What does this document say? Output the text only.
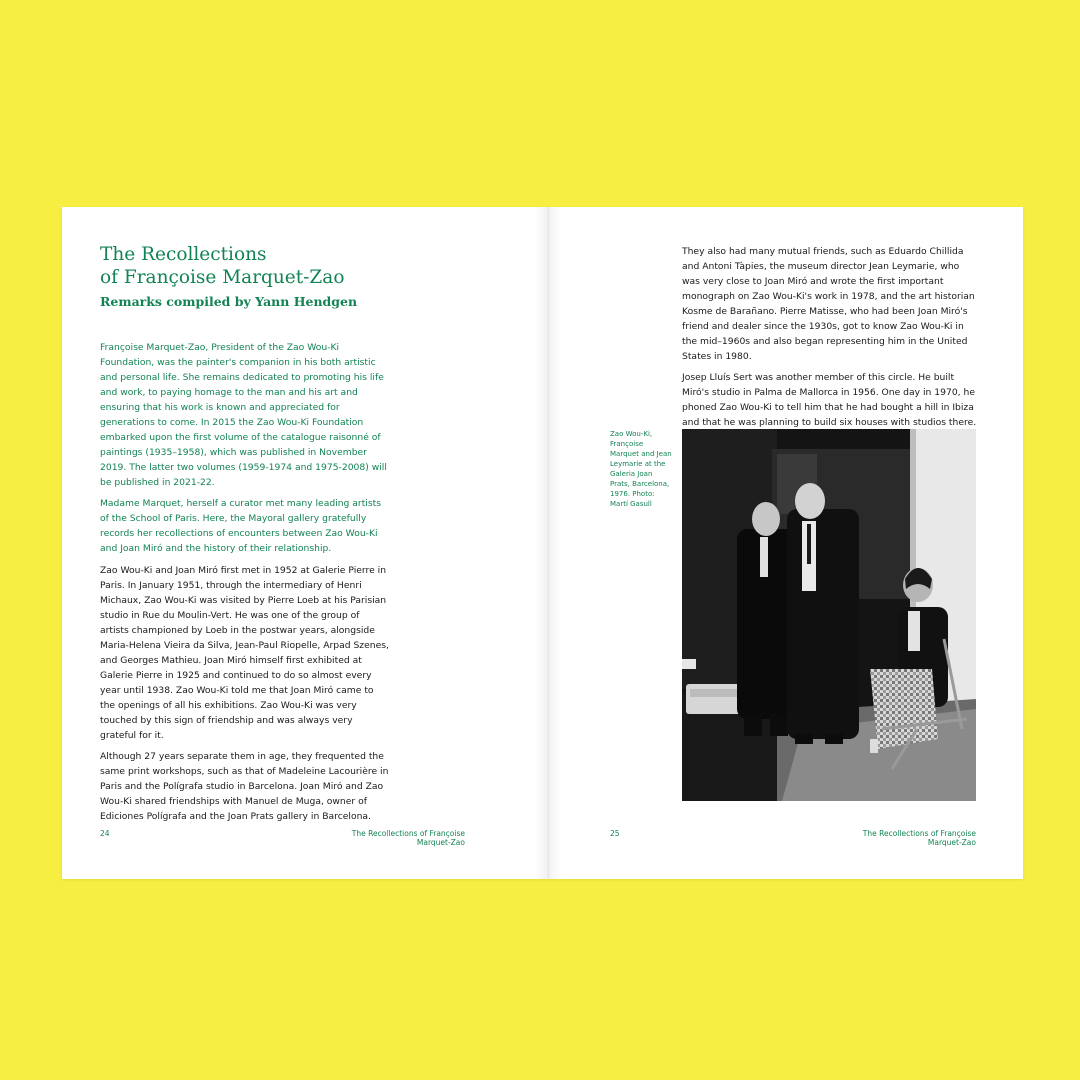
The Recollections
of Françoise Marquet-Zao
Remarks compiled by Yann Hendgen

Françoise Marquet-Zao, President of the Zao Wou-Ki Foundation, was the painter's companion in his both artistic and personal life. She remains dedicated to promoting his life and work, to paying homage to the man and his art and ensuring that his work is known and appreciated for generations to come. In 2015 the Zao Wou-Ki Foundation embarked upon the first volume of the catalogue raisonné of paintings (1935–1958), which was published in November 2019. The latter two volumes (1959-1974 and 1975-2008) will be published in 2021-22.

Madame Marquet, herself a curator met many leading artists of the School of Paris. Here, the Mayoral gallery gratefully records her recollections of encounters between Zao Wou-Ki and Joan Miró and the history of their relationship.

Zao Wou-Ki and Joan Miró first met in 1952 at Galerie Pierre in Paris. In January 1951, through the intermediary of Henri Michaux, Zao Wou-Ki was visited by Pierre Loeb at his Parisian studio in Rue du Moulin-Vert. He was one of the group of artists championed by Loeb in the postwar years, alongside Maria-Helena Vieira da Silva, Jean-Paul Riopelle, Arpad Szenes, and Georges Mathieu. Joan Miró himself first exhibited at Galerie Pierre in 1925 and continued to do so almost every year until 1938. Zao Wou-Ki told me that Joan Miró came to the openings of all his exhibitions. Zao Wou-Ki was very touched by this sign of friendship and was always very grateful for it.

Although 27 years separate them in age, they frequented the same print workshops, such as that of Madeleine Lacourière in Paris and the Polígrafa studio in Barcelona. Joan Miró and Zao Wou-Ki shared friendships with Manuel de Muga, owner of Ediciones Polígrafa and the Joan Prats gallery in Barcelona.

24	The Recollections of Françoise Marquet-Zao

They also had many mutual friends, such as Eduardo Chillida and Antoni Tàpies, the museum director Jean Leymarie, who was very close to Joan Miró and wrote the first important monograph on Zao Wou-Ki's work in 1978, and the art historian Kosme de Barañano. Pierre Matisse, who had been Joan Miró's friend and dealer since the 1930s, got to know Zao Wou-Ki in the mid–1960s and also began representing him in the United States in 1980.

Josep Lluís Sert was another member of this circle. He built Miró's studio in Palma de Mallorca in 1956. One day in 1970, he phoned Zao Wou-Ki to tell him that he had bought a hill in Ibiza and that he was planning to build six houses with studios there.

Zao Wou-Ki, Françoise Marquet and Jean Leymarie at the Galeria Joan Prats, Barcelona, 1976. Photo: Martí Gasull
25	The Recollections of Françoise Marquet-Zao
